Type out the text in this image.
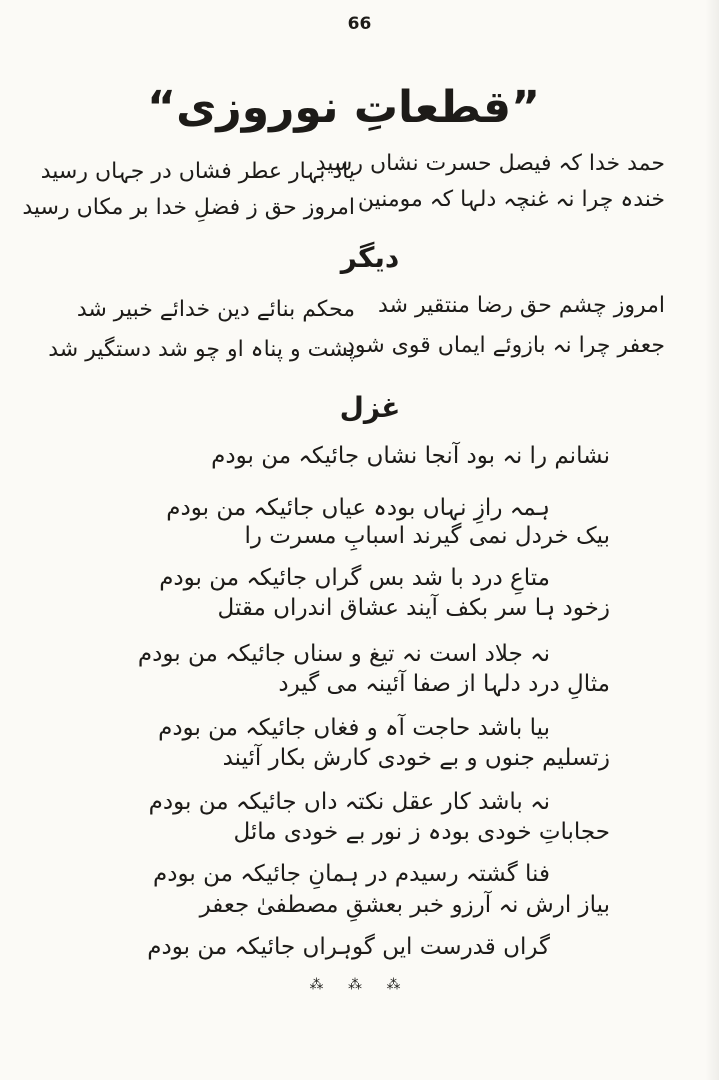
66
”قطعاتِ نوروزی“
حمد خدا کہ فیصل حسرت نشاں رسید
خندہ چرا نہ غنچہ دلہا کہ مومنین
یاد بہار عطر فشاں در جہاں رسید
امروز حق ز فضلِ خدا بر مکاں رسید
دیگر
امروز چشم حق رضا منتقیر شد
جعفر چرا نہ بازوئے ایماں قوی شود
محکم بنائے دین خدائے خبیر شد
پشت و پناہ او چو شد دستگیر شد
غزل
نشانم را نہ بود آنجا نشاں جائیکہ من بودم
ہمہ رازِ نہاں بودہ عیاں جائیکہ من بودم
بیک خردل نمی گیرند اسبابِ مسرت را
متاعِ درد با شد بس گراں جائیکہ من بودم
زخود ہا سر بکف آیند عشاق اندراں مقتل
نہ جلاد است نہ تیغ و سناں جائیکہ من بودم
مثالِ درد دلہا از صفا آئینہ می گیرد
بیا باشد حاجت آہ و فغاں جائیکہ من بودم
زتسلیم جنوں و بے خودی کارش بکار آئیند
نہ باشد کار عقل نکتہ داں جائیکہ من بودم
حجاباتِ خودی بودہ ز نور بے خودی مائل
فنا گشتہ رسیدم در ہمانِ جائیکہ من بودم
بیاز ارش نہ آرزو خبر بعشقِ مصطفیٰ جعفر
گراں قدرست ایں گوہراں جائیکہ من بودم
⁂ ⁂ ⁂
